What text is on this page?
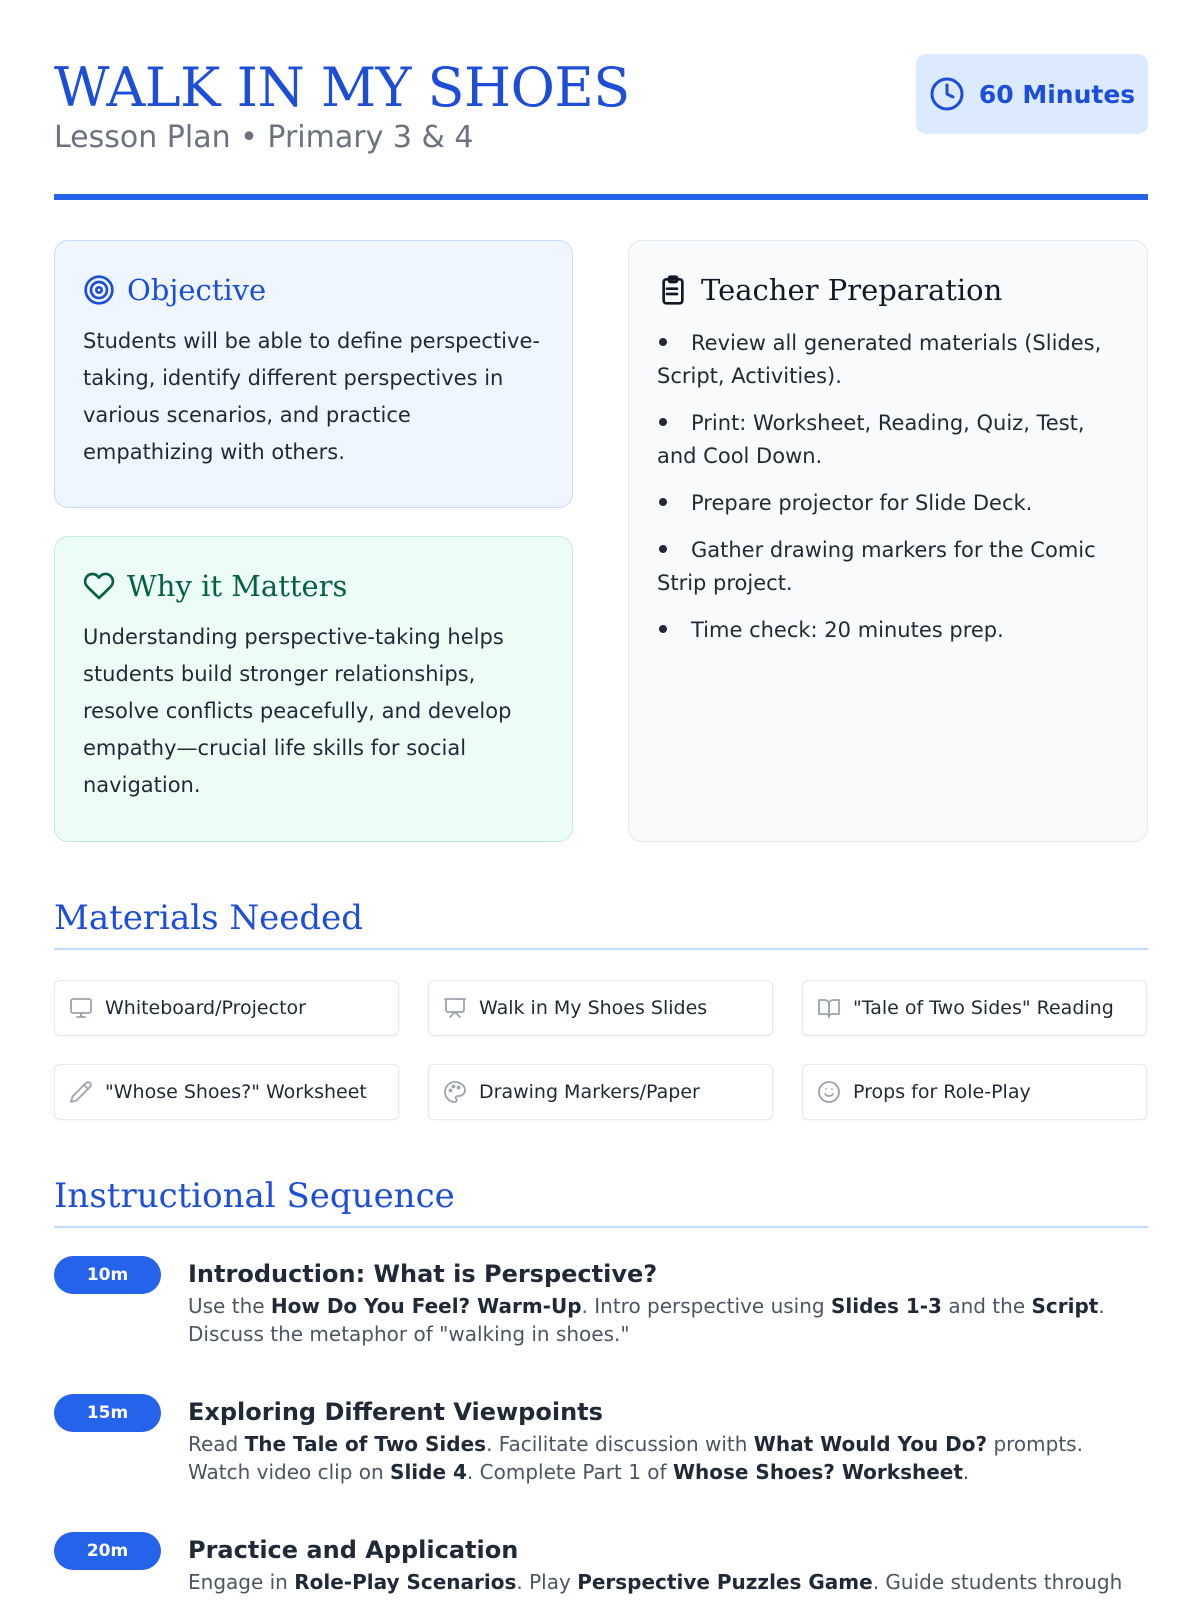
WALK IN MY SHOES
Lesson Plan • Primary 3 & 4
60 Minutes
Objective

Students will be able to define perspective-taking, identify different perspectives in various scenarios, and practice empathizing with others.

Why it Matters

Understanding perspective-taking helps students build stronger relationships, resolve conflicts peacefully, and develop empathy—crucial life skills for social navigation.

Teacher Preparation
Review all generated materials (Slides, Script, Activities).
Print: Worksheet, Reading, Quiz, Test, and Cool Down.
Prepare projector for Slide Deck.
Gather drawing markers for the Comic Strip project.
Time check: 20 minutes prep.
Materials Needed
Whiteboard/Projector	Walk in My Shoes Slides	"Tale of Two Sides" Reading
"Whose Shoes?" Worksheet	Drawing Markers/Paper	Props for Role-Play
Instructional Sequence
10m	Introduction: What is Perspective?
Use the How Do You Feel? Warm-Up. Intro perspective using Slides 1-3 and the Script. Discuss the metaphor of "walking in shoes."
15m	Exploring Different Viewpoints
Read The Tale of Two Sides. Facilitate discussion with What Would You Do? prompts. Watch video clip on Slide 4. Complete Part 1 of Whose Shoes? Worksheet.
20m	Practice and Application
Engage in Role-Play Scenarios. Play Perspective Puzzles Game. Guide students through
